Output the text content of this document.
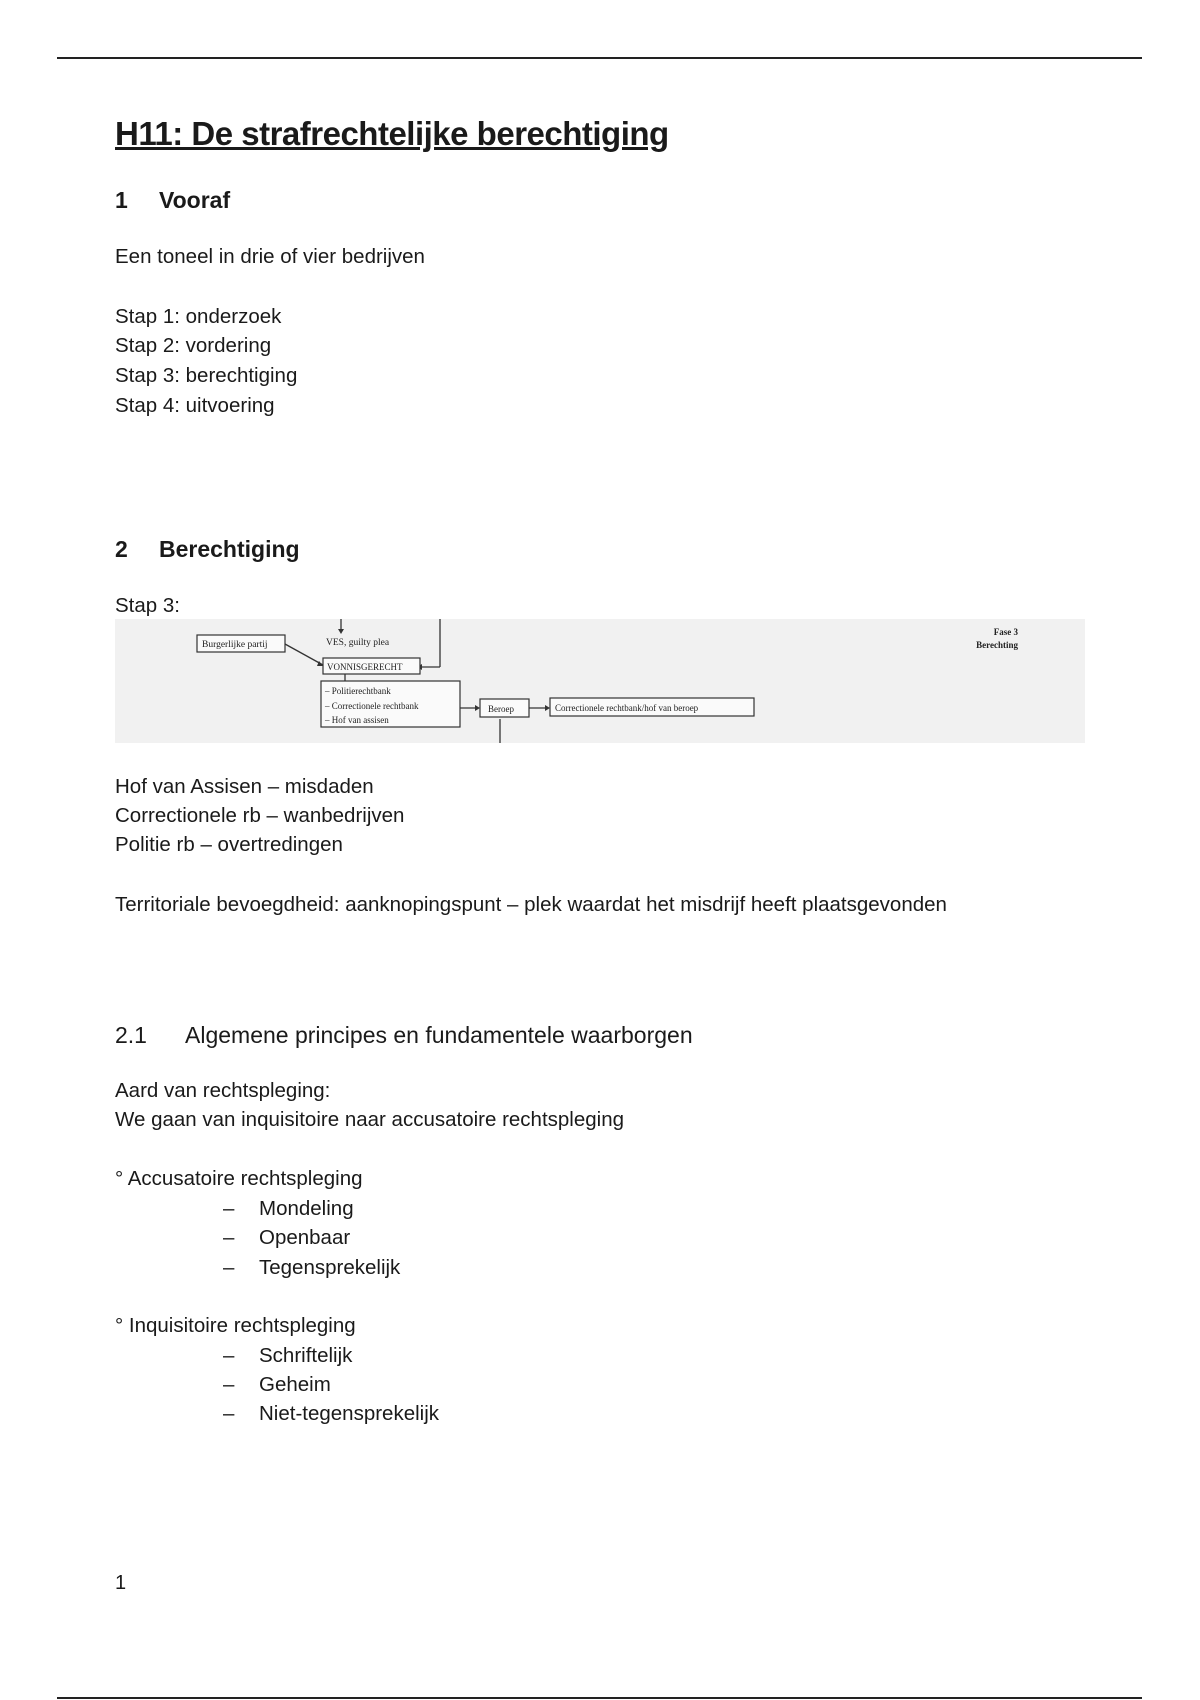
H11: De strafrechtelijke berechtiging
1 Vooraf
Een toneel in drie of vier bedrijven
Stap 1: onderzoek
Stap 2: vordering
Stap 3: berechtiging
Stap 4: uitvoering
2 Berechtiging
Stap 3:
Burgerlijke partij	VES, guilty plea
VONNISGERECHT
– Politierechtbank
– Correctionele rechtbank
– Hof van assisen
Beroep	Correctionele rechtbank/hof van beroep
Fase 3
Berechting
Hof van Assisen – misdaden
Correctionele rb – wanbedrijven
Politie rb – overtredingen
Territoriale bevoegdheid: aanknopingspunt – plek waardat het misdrijf heeft plaatsgevonden
2.1 Algemene principes en fundamentele waarborgen
Aard van rechtspleging:
We gaan van inquisitoire naar accusatoire rechtspleging
° Accusatoire rechtspleging
– Mondeling
– Openbaar
– Tegensprekelijk
° Inquisitoire rechtspleging
– Schriftelijk
– Geheim
– Niet-tegensprekelijk
1
